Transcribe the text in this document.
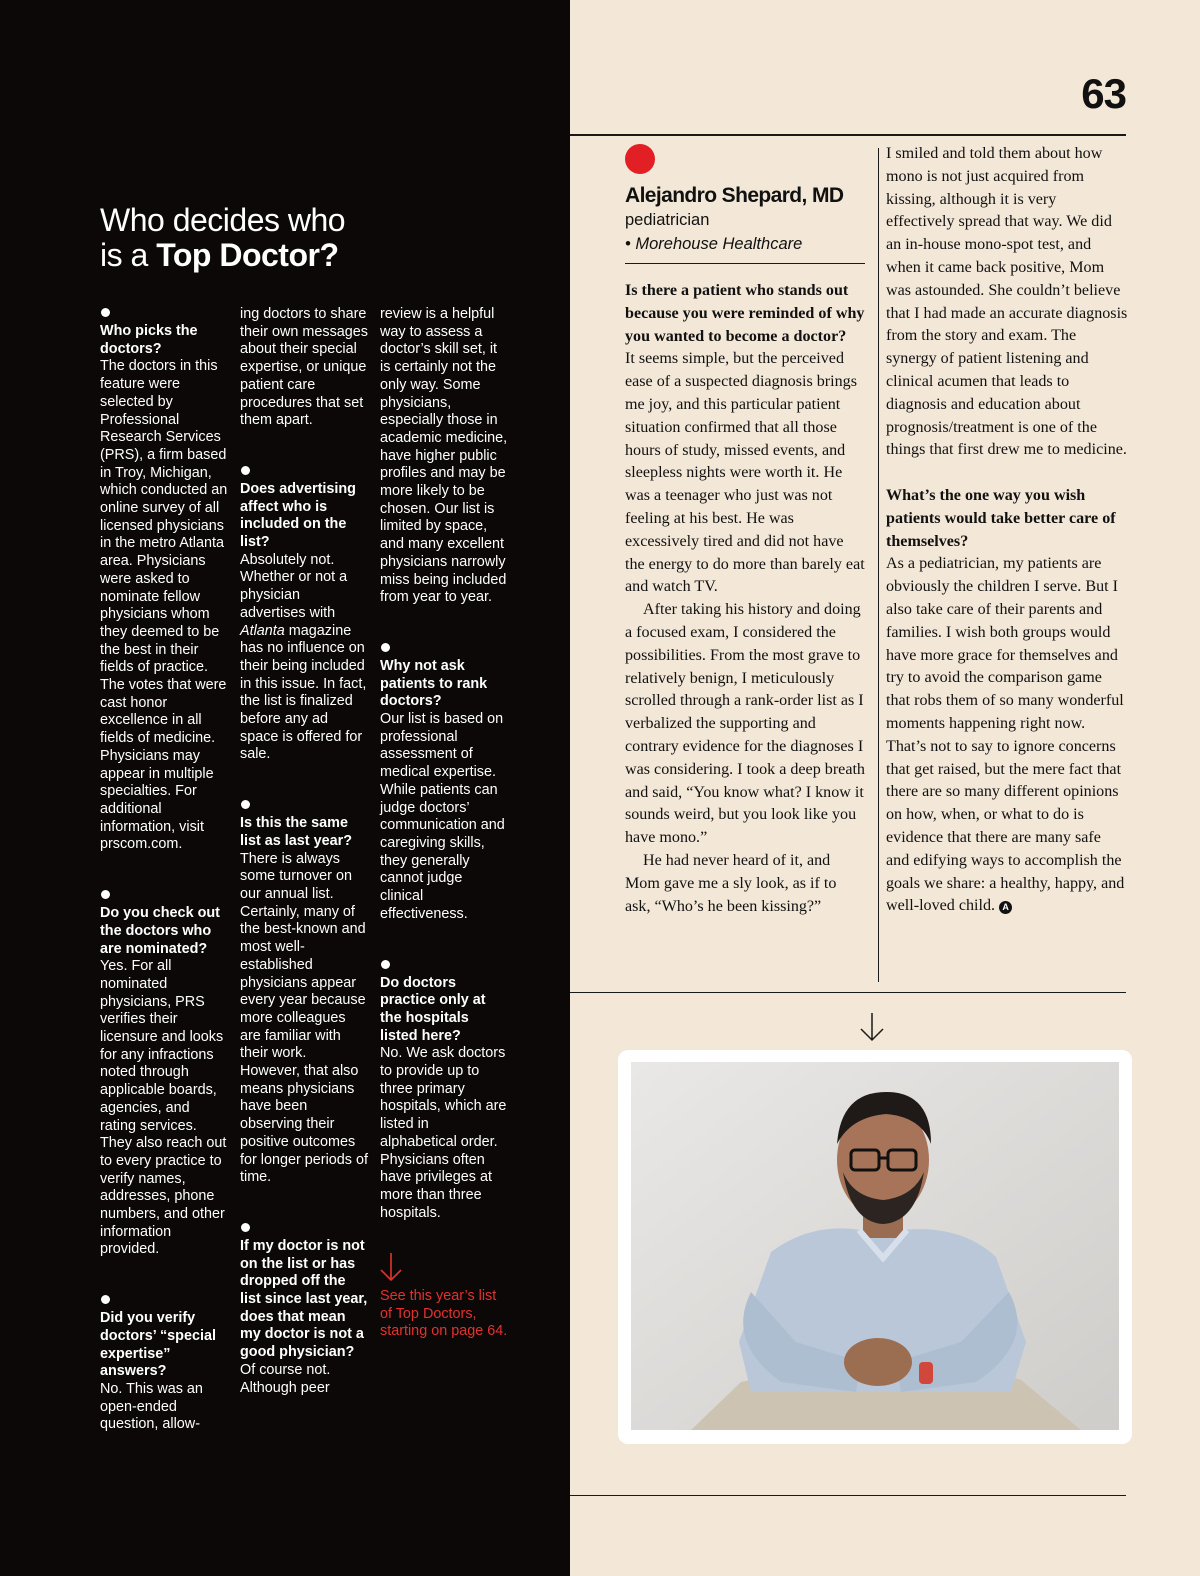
Who decides who
is a Top Doctor?

Who picks the doctors?

The doctors in this feature were selected by Professional Research Services (PRS), a firm based in Troy, Michigan, which conducted an online survey of all licensed physicians in the metro Atlanta area. Physicians were asked to nominate fellow physicians whom they deemed to be the best in their fields of practice. The votes that were cast honor excellence in all fields of medicine. Physicians may appear in multiple specialties. For additional information, visit prscom.com.

Do you check out the doctors who are nominated?

Yes. For all nominated physicians, PRS verifies their licensure and looks for any infractions noted through applicable boards, agencies, and rating services. They also reach out to every practice to verify names, addresses, phone numbers, and other information provided.

Did you verify doctors’ “special expertise” answers?

No. This was an open-ended question, allow-

ing doctors to share their own messages about their special expertise, or unique patient care procedures that set them apart.

Does advertising affect who is included on the list?

Absolutely not. Whether or not a physician advertises with Atlanta magazine has no influence on their being included in this issue. In fact, the list is finalized before any ad space is offered for sale.

Is this the same list as last year?

There is always some turnover on our annual list. Certainly, many of the best-known and most well-established physicians appear every year because more colleagues are familiar with their work. However, that also means physicians have been observing their positive outcomes for longer periods of time.

If my doctor is not on the list or has dropped off the list since last year, does that mean my doctor is not a good physician?

Of course not. Although peer

review is a helpful way to assess a doctor’s skill set, it is certainly not the only way. Some physicians, especially those in academic medicine, have higher public profiles and may be more likely to be chosen. Our list is limited by space, and many excellent physicians narrowly miss being included from year to year.

Why not ask patients to rank doctors?

Our list is based on professional assessment of medical expertise. While patients can judge doctors’ communication and caregiving skills, they generally cannot judge clinical effectiveness.

Do doctors practice only at the hospitals listed here?

No. We ask doctors to provide up to three primary hospitals, which are listed in alphabetical order. Physicians often have privileges at more than three hospitals.

See this year’s list of Top Doctors, starting on page 64.

63
Alejandro Shepard, MD
pediatrician
• Morehouse Healthcare

Is there a patient who stands out because you were reminded of why you wanted to become a doctor?

It seems simple, but the perceived ease of a suspected diagnosis brings me joy, and this particular patient situation confirmed that all those hours of study, missed events, and sleepless nights were worth it. He was a teenager who just was not feeling at his best. He was excessively tired and did not have the energy to do more than barely eat and watch TV.

After taking his history and doing a focused exam, I considered the possibilities. From the most grave to relatively benign, I meticulously scrolled through a rank-order list as I verbalized the supporting and contrary evidence for the diagnoses I was considering. I took a deep breath and said, “You know what? I know it sounds weird, but you look like you have mono.”

He had never heard of it, and Mom gave me a sly look, as if to ask, “Who’s he been kissing?”

I smiled and told them about how mono is not just acquired from kissing, although it is very effectively spread that way. We did an in-house mono-spot test, and when it came back positive, Mom was astounded. She couldn’t believe that I had made an accurate diagnosis from the story and exam. The synergy of patient listening and clinical acumen that leads to diagnosis and education about prognosis/treatment is one of the things that first drew me to medicine.

What’s the one way you wish patients would take better care of themselves?

As a pediatrician, my patients are obviously the children I serve. But I also take care of their parents and families. I wish both groups would have more grace for themselves and try to avoid the comparison game that robs them of so many wonderful moments happening right now. That’s not to say to ignore concerns that get raised, but the mere fact that there are so many different opinions on how, when, or what to do is evidence that there are many safe and edifying ways to accomplish the goals we share: a healthy, happy, and well-loved child. A
